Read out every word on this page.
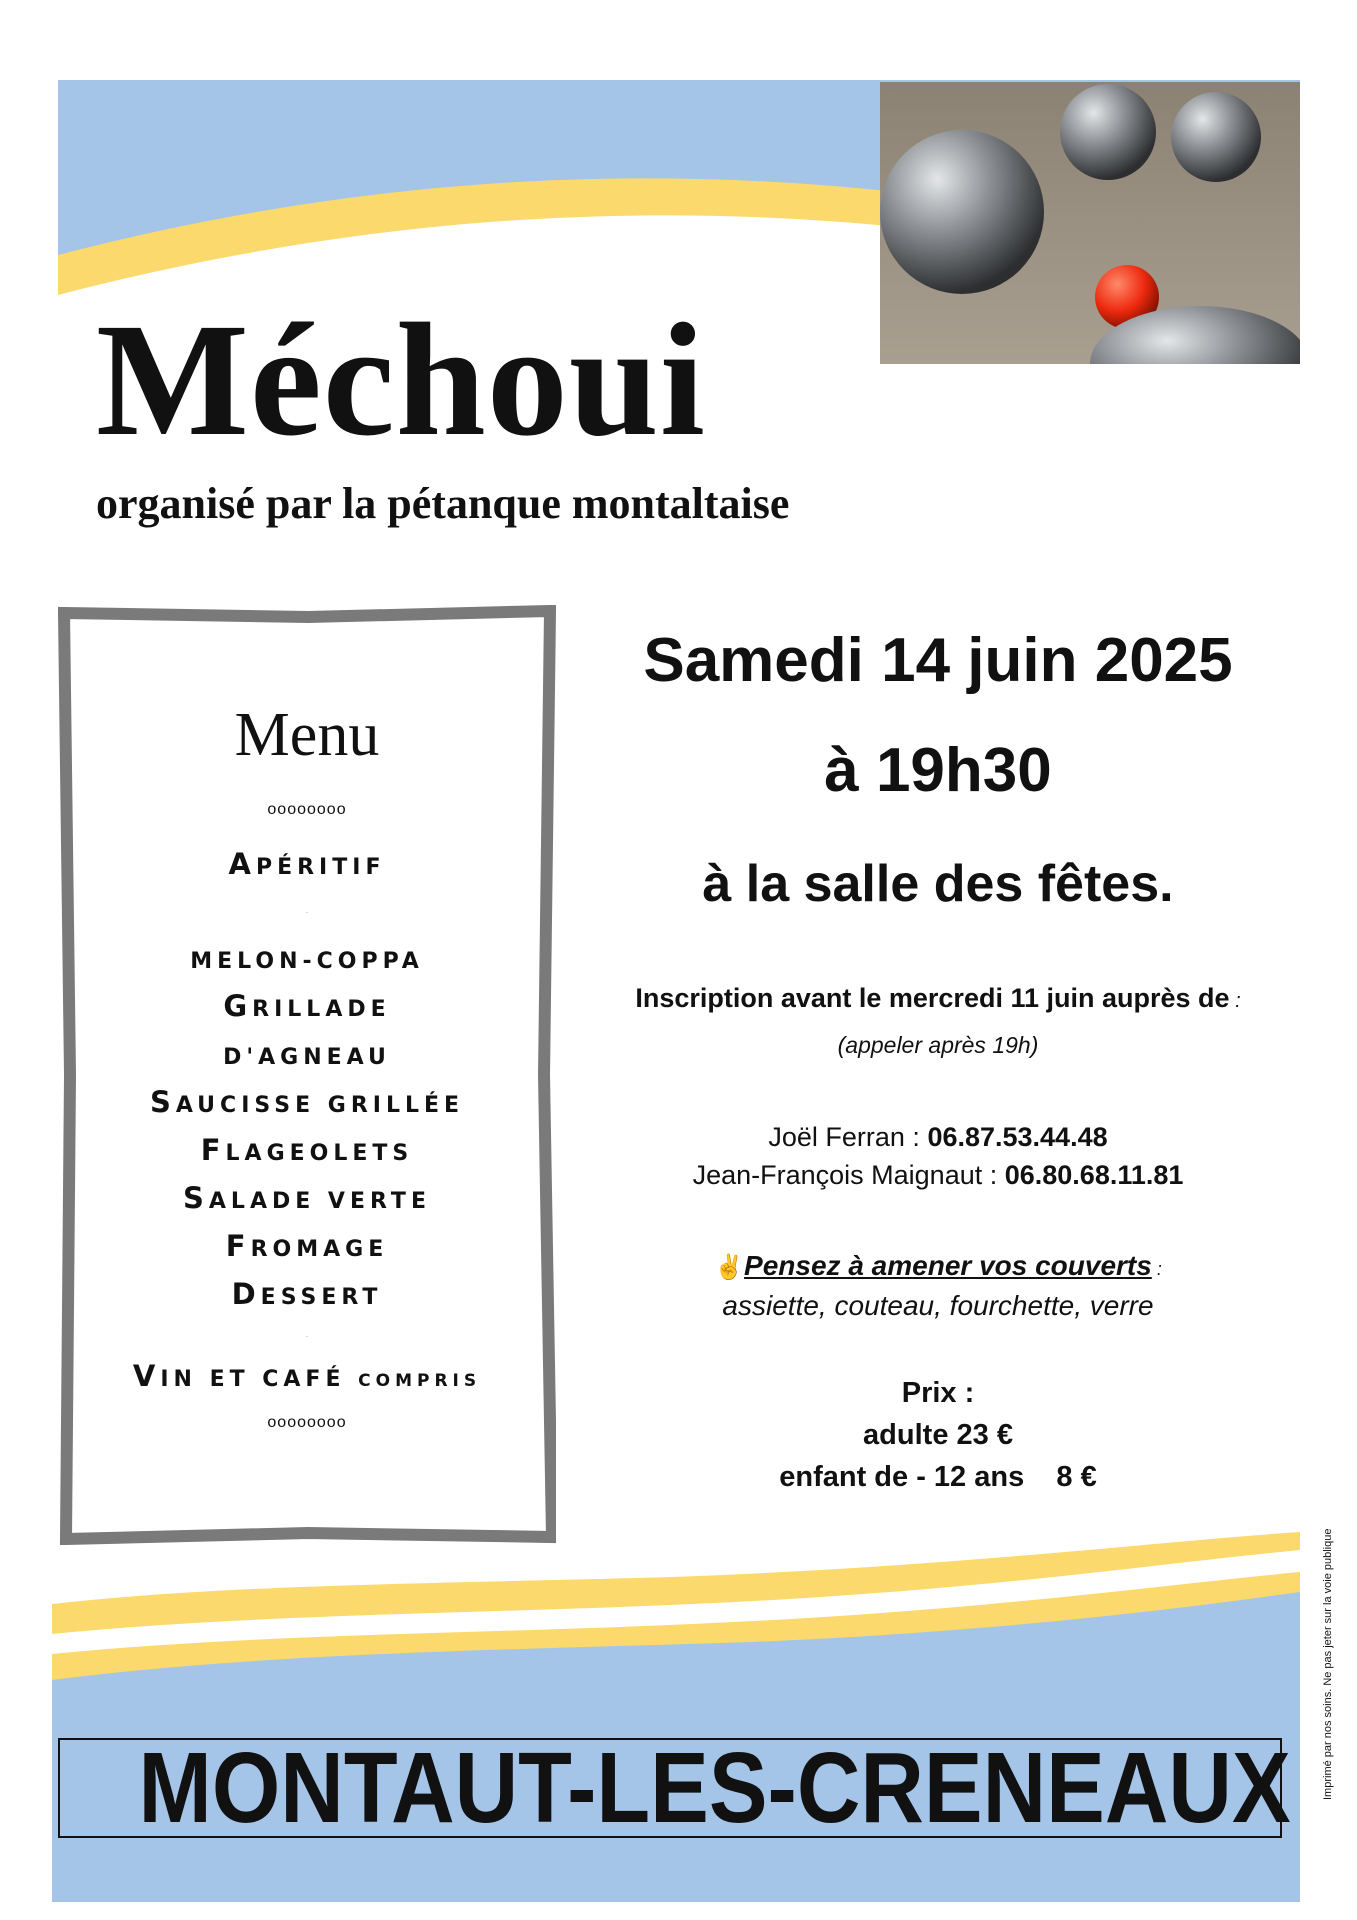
Méchoui

organisé par la pétanque montaltaise

Menu
oooooooo
APÉRITIF
·
MELON-COPPA
GRILLADE
D'AGNEAU
SAUCISSE GRILLÉE
FLAGEOLETS
SALADE VERTE
FROMAGE
DESSERT
·
VIN ET CAFÉ COMPRIS
oooooooo
Samedi 14 juin 2025
à 19h30
à la salle des fêtes.
Inscription avant le mercredi 11 juin auprès de :
(appeler après 19h)
Joël Ferran : 06.87.53.44.48
Jean-François Maignaut : 06.80.68.11.81
✌Pensez à amener vos couverts :
assiette, couteau, fourchette, verre
Prix :
adulte 23 €
enfant de - 12 ans    8 €
MONTAUT-LES-CRENEAUX	Imprimé par nos soins. Ne pas jeter sur la voie publique
